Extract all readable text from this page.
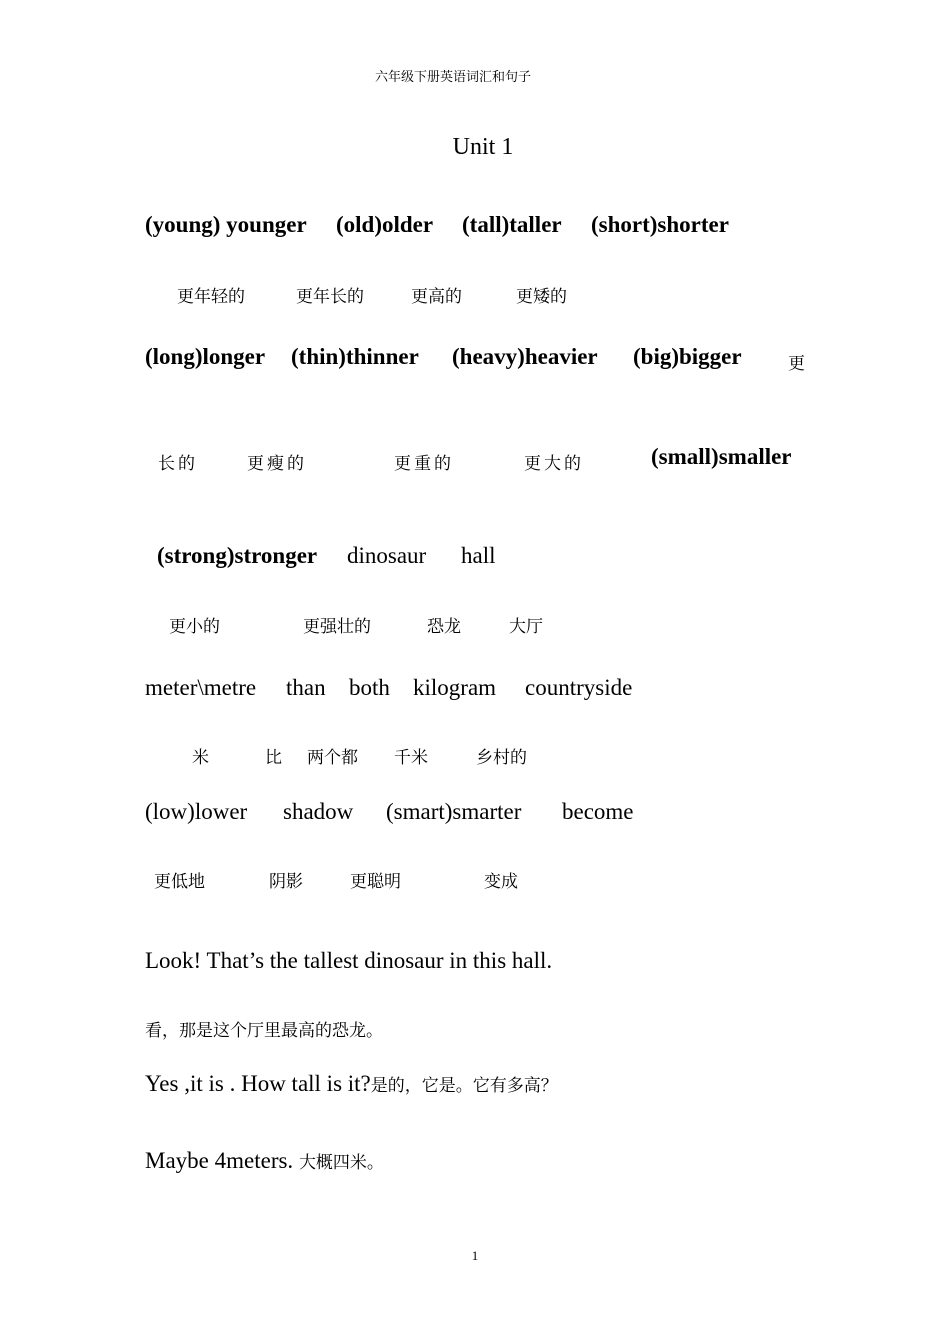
六年级下册英语词汇和句子
Unit 1
(young) younger (old)older (tall)taller (short)shorter
更年轻的	更年长的	更高的	更矮的
(long)longer (thin)thinner (heavy)heavier (big)bigger	更
长的	更瘦的	更重的	更大的	(small)smaller
(strong)stronger dinosaur hall
更小的	更强壮的	恐龙	大厅
meter\metre than both kilogram countryside
米	比 两个都 千米	乡村的
(low)lower shadow (smart)smarter become
更低地	阴影	更聪明	变成
Look! That’s the tallest dinosaur in this hall.
看，那是这个厅里最高的恐龙。
Yes ,it is . How tall is it?是的，它是。它有多高？
Maybe 4meters. 大概四米。
1
